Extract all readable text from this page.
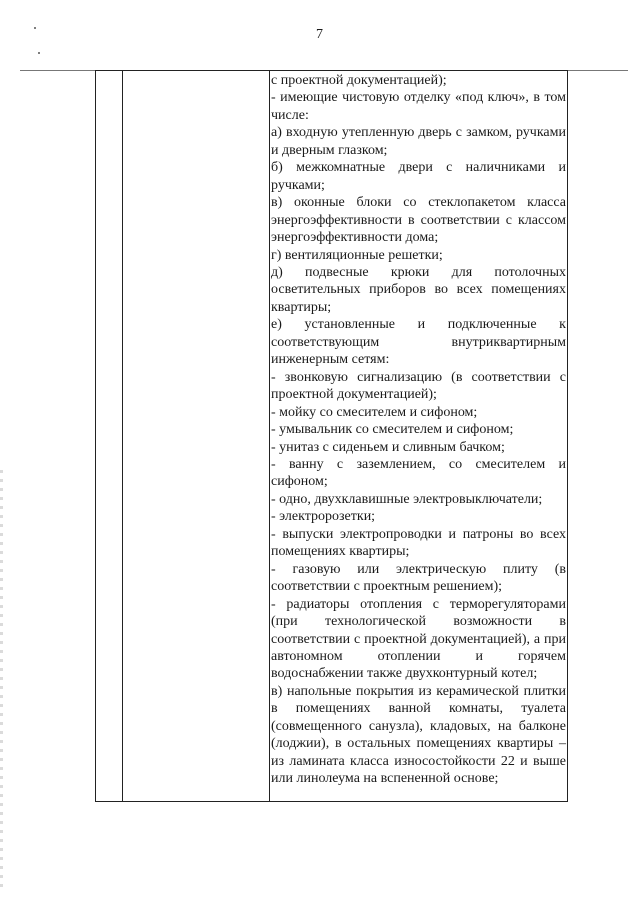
7

с проектной документацией);

- имеющие чистовую отделку «под ключ», в том числе:

а) входную утепленную дверь с замком, ручками и дверным глазком;

б) межкомнатные двери с наличниками и ручками;

в) оконные блоки со стеклопакетом класса энергоэффективности в соответствии с классом энергоэффективности дома;

г) вентиляционные решетки;

д) подвесные крюки для потолочных осветительных приборов во всех помещениях квартиры;

е) установленные и подключенные к соответствующим внутриквартирным инженерным сетям:

- звонковую сигнализацию (в соответствии с проектной документацией);

- мойку со смесителем и сифоном;

- умывальник со смесителем и сифоном;

- унитаз с сиденьем и сливным бачком;

- ванну с заземлением, со смесителем и сифоном;

- одно, двухклавишные электровыключатели;

- электророзетки;

- выпуски электропроводки и патроны во всех помещениях квартиры;

- газовую или электрическую плиту (в соответствии с проектным решением);

- радиаторы отопления с терморегуляторами (при технологической возможности в соответствии с проектной документацией), а при автономном отоплении и горячем водоснабжении также двухконтурный котел;

в) напольные покрытия из керамической плитки в помещениях ванной комнаты, туалета (совмещенного санузла), кладовых, на балконе (лоджии), в остальных помещениях квартиры – из ламината класса износостойкости 22 и выше или линолеума на вспененной основе;
